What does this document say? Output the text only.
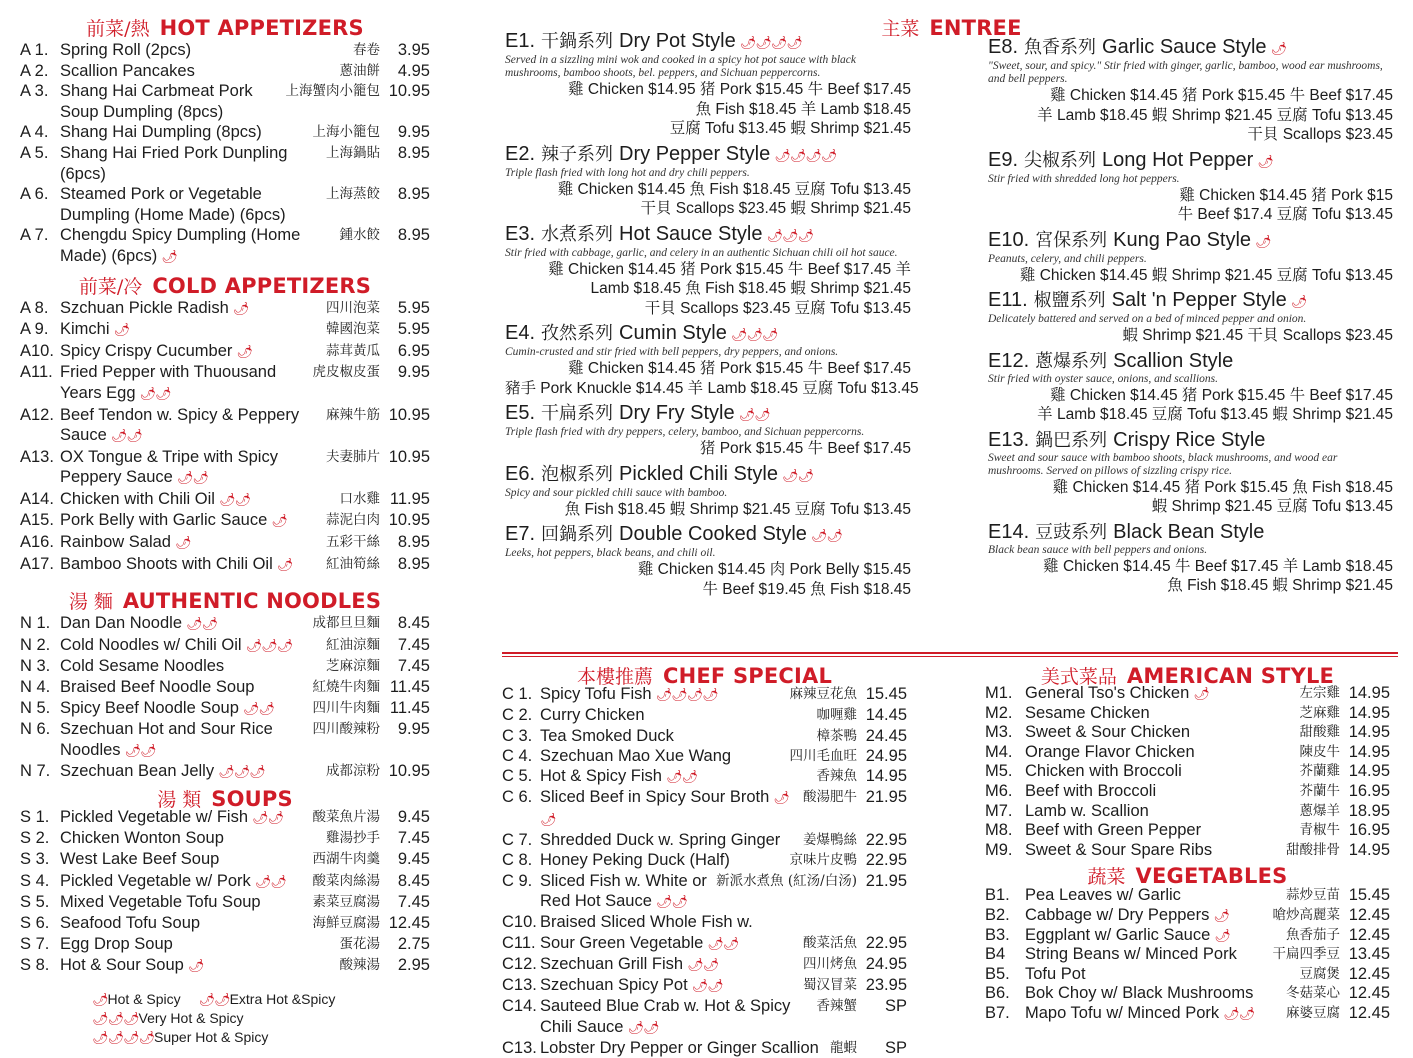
前菜/熱 HOT APPETIZERS
A 1. Spring Roll (2pcs)	春卷	3.95
A 2. Scallion Pancakes	蔥油餅	4.95
A 3. Shang Hai Carbmeat Pork Soup Dumpling (8pcs)
上海蟹肉小籠包 10.95
A 4. Shang Hai Dumpling (8pcs)	上海小籠包	9.95
A 5. Shang Hai Fried Pork Dunpling (6pcs)
上海鍋貼	8.95
A 6. Steamed Pork or Vegetable Dumpling (Home Made) (6pcs)
上海蒸餃	8.95
A 7. Chengdu Spicy Dumpling (Home Made) (6pcs) 🌶
鍾水餃	8.95
前菜/冷 COLD APPETIZERS
A 8. Szchuan Pickle Radish 🌶	四川泡菜	5.95
A 9. Kimchi 🌶	韓國泡菜	5.95
A10. Spicy Crispy Cucumber 🌶	蒜茸黃瓜	6.95
A11. Fried Pepper with Thuousand Years Egg 🌶🌶
虎皮椒皮蛋	9.95
A12. Beef Tendon w. Spicy & Peppery Sauce 🌶🌶
麻辣牛筋 10.95
A13. OX Tongue & Tripe with Spicy Peppery Sauce 🌶🌶
夫妻肺片 10.95
A14. Chicken with Chili Oil 🌶🌶	口水雞 11.95
A15. Pork Belly with Garlic Sauce 🌶	蒜泥白肉 10.95
A16. Rainbow Salad 🌶	五彩干絲	8.95
A17. Bamboo Shoots with Chili Oil 🌶	紅油筍絲	8.95
湯 麵 AUTHENTIC NOODLES
N 1. Dan Dan Noodle 🌶🌶	成都旦旦麵	8.45
N 2. Cold Noodles w/ Chili Oil 🌶🌶🌶	紅油涼麵	7.45
N 3. Cold Sesame Noodles	芝麻涼麵	7.45
N 4. Braised Beef Noodle Soup	紅燒牛肉麵 11.45
N 5. Spicy Beef Noodle Soup 🌶🌶	四川牛肉麵 11.45
N 6. Szechuan Hot and Sour Rice Noodles 🌶🌶
四川酸辣粉	9.95
N 7. Szechuan Bean Jelly 🌶🌶🌶	成都涼粉 10.95
湯 類 SOUPS
S 1. Pickled Vegetable w/ Fish 🌶🌶	酸菜魚片湯	9.45
S 2. Chicken Wonton Soup	雞湯抄手	7.45
S 3. West Lake Beef Soup	西湖牛肉羹	9.45
S 4. Pickled Vegetable w/ Pork 🌶🌶	酸菜肉絲湯	8.45
S 5. Mixed Vegetable Tofu Soup	素菜豆腐湯	7.45
S 6. Seafood Tofu Soup	海鮮豆腐湯 12.45
S 7. Egg Drop Soup	蛋花湯	2.75
S 8. Hot & Sour Soup 🌶	酸辣湯	2.95
🌶Hot & Spicy 🌶🌶Extra Hot &Spicy
🌶🌶🌶Very Hot & Spicy 🌶🌶🌶🌶Super Hot & Spicy
主菜 ENTREE
E1. 干鍋系列 Dry Pot Style 🌶🌶🌶🌶
Served in a sizzling mini wok and cooked in a spicy hot pot sauce with black mushrooms, bamboo shoots, bel. peppers, and Sichuan peppercorns.
雞 Chicken $14.95 猪 Pork $15.45 牛 Beef $17.45
魚 Fish $18.45 羊 Lamb $18.45
豆腐 Tofu $13.45 蝦 Shrimp $21.45
E2. 辣子系列 Dry Pepper Style 🌶🌶🌶🌶
Triple flash fried with long hot and dry chili peppers.
雞 Chicken $14.45 魚 Fish $18.45 豆腐 Tofu $13.45
干貝 Scallops $23.45 蝦 Shrimp $21.45
E3. 水煮系列 Hot Sauce Style 🌶🌶🌶
Stir fried with cabbage, garlic, and celery in an authentic Sichuan chili oil hot sauce.
雞 Chicken $14.45 猪 Pork $15.45 牛 Beef $17.45 羊
Lamb $18.45 魚 Fish $18.45 蝦 Shrimp $21.45
干貝 Scallops $23.45 豆腐 Tofu $13.45
E4. 孜然系列 Cumin Style 🌶🌶🌶
Cumin-crusted and stir fried with bell peppers, dry peppers, and onions.
雞 Chicken $14.45 猪 Pork $15.45 牛 Beef $17.45
豬手 Pork Knuckle $14.45 羊 Lamb $18.45 豆腐 Tofu $13.45
E5. 干扁系列 Dry Fry Style 🌶🌶
Triple flash fried with dry peppers, celery, bamboo, and Sichuan peppercorns.
猪 Pork $15.45 牛 Beef $17.45
E6. 泡椒系列 Pickled Chili Style 🌶🌶
Spicy and sour pickled chili sauce with bamboo.
魚 Fish $18.45 蝦 Shrimp $21.45 豆腐 Tofu $13.45
E7. 回鍋系列 Double Cooked Style 🌶🌶
Leeks, hot peppers, black beans, and chili oil.
雞 Chicken $14.45 肉 Pork Belly $15.45
牛 Beef $19.45 魚 Fish $18.45
E8. 魚香系列 Garlic Sauce Style 🌶
"Sweet, sour, and spicy." Stir fried with ginger, garlic, bamboo, wood ear mushrooms, and bell peppers.
雞 Chicken $14.45 猪 Pork $15.45 牛 Beef $17.45
羊 Lamb $18.45 蝦 Shrimp $21.45 豆腐 Tofu $13.45
干貝 Scallops $23.45
E9. 尖椒系列 Long Hot Pepper 🌶
Stir fried with shredded long hot peppers.
雞 Chicken $14.45 猪 Pork $15
牛 Beef $17.4 豆腐 Tofu $13.45
E10. 宮保系列 Kung Pao Style 🌶
Peanuts, celery, and chili peppers.
雞 Chicken $14.45 蝦 Shrimp $21.45 豆腐 Tofu $13.45
E11. 椒鹽系列 Salt 'n Pepper Style 🌶
Delicately battered and served on a bed of minced pepper and onion.
蝦 Shrimp $21.45 干貝 Scallops $23.45
E12. 蔥爆系列 Scallion Style
Stir fried with oyster sauce, onions, and scallions.
雞 Chicken $14.45 猪 Pork $15.45 牛 Beef $17.45
羊 Lamb $18.45 豆腐 Tofu $13.45 蝦 Shrimp $21.45
E13. 鍋巴系列 Crispy Rice Style
Sweet and sour sauce with bamboo shoots, black mushrooms, and wood ear mushrooms. Served on pillows of sizzling crispy rice.
雞 Chicken $14.45 猪 Pork $15.45 魚 Fish $18.45
蝦 Shrimp $21.45 豆腐 Tofu $13.45
E14. 豆豉系列 Black Bean Style
Black bean sauce with bell peppers and onions.
雞 Chicken $14.45 牛 Beef $17.45 羊 Lamb $18.45
魚 Fish $18.45 蝦 Shrimp $21.45
本樓推薦 CHEF SPECIAL
C 1. Spicy Tofu Fish 🌶🌶🌶🌶	麻辣豆花魚 15.45
C 2. Curry Chicken	咖喱雞 14.45
C 3. Tea Smoked Duck	樟茶鴨 24.45
C 4. Szechuan Mao Xue Wang	四川毛血旺 24.95
C 5. Hot & Spicy Fish 🌶🌶	香辣魚 14.95
C 6. Sliced Beef in Spicy Sour Broth 🌶🌶
酸湯肥牛 21.95
C 7. Shredded Duck w. Spring Ginger	姜爆鴨絲 22.95
C 8. Honey Peking Duck (Half)	京味片皮鴨 22.95
C 9. Sliced Fish w. White or Red Hot Sauce 🌶🌶
新派水煮魚 (紅汤/白汤) 21.95
C10. Braised Sliced Whole Fish w.
C11. Sour Green Vegetable 🌶🌶	酸菜活魚 22.95
C12. Szechuan Grill Fish 🌶🌶	四川烤魚 24.95
C13. Szechuan Spicy Pot 🌶🌶	蜀汉冒菜 23.95
C14. Sauteed Blue Crab w. Hot & Spicy Chili Sauce 🌶🌶
香辣蟹	SP
C13. Lobster Dry Pepper or Ginger Scallion 龍蝦	SP
美式菜品 AMERICAN STYLE
M1. General Tso's Chicken 🌶	左宗雞 14.95
M2. Sesame Chicken	芝麻雞 14.95
M3. Sweet & Sour Chicken	甜酸雞 14.95
M4. Orange Flavor Chicken	陳皮牛 14.95
M5. Chicken with Broccoli	芥蘭雞 14.95
M6. Beef with Broccoli	芥蘭牛 16.95
M7. Lamb w. Scallion	蔥爆羊 18.95
M8. Beef with Green Pepper	青椒牛 16.95
M9. Sweet & Sour Spare Ribs	甜酸排骨 14.95
蔬菜 VEGETABLES
B1. Pea Leaves w/ Garlic	蒜炒豆苗 15.45
B2. Cabbage w/ Dry Peppers 🌶	嗆炒高麗菜 12.45
B3. Eggplant w/ Garlic Sauce 🌶	魚香茄子 12.45
B4	String Beans w/ Minced Pork	干扁四季豆 13.45
B5. Tofu Pot	豆腐煲 12.45
B6. Bok Choy w/ Black Mushrooms	冬菇菜心 12.45
B7. Mapo Tofu w/ Minced Pork 🌶🌶	麻婆豆腐 12.45
